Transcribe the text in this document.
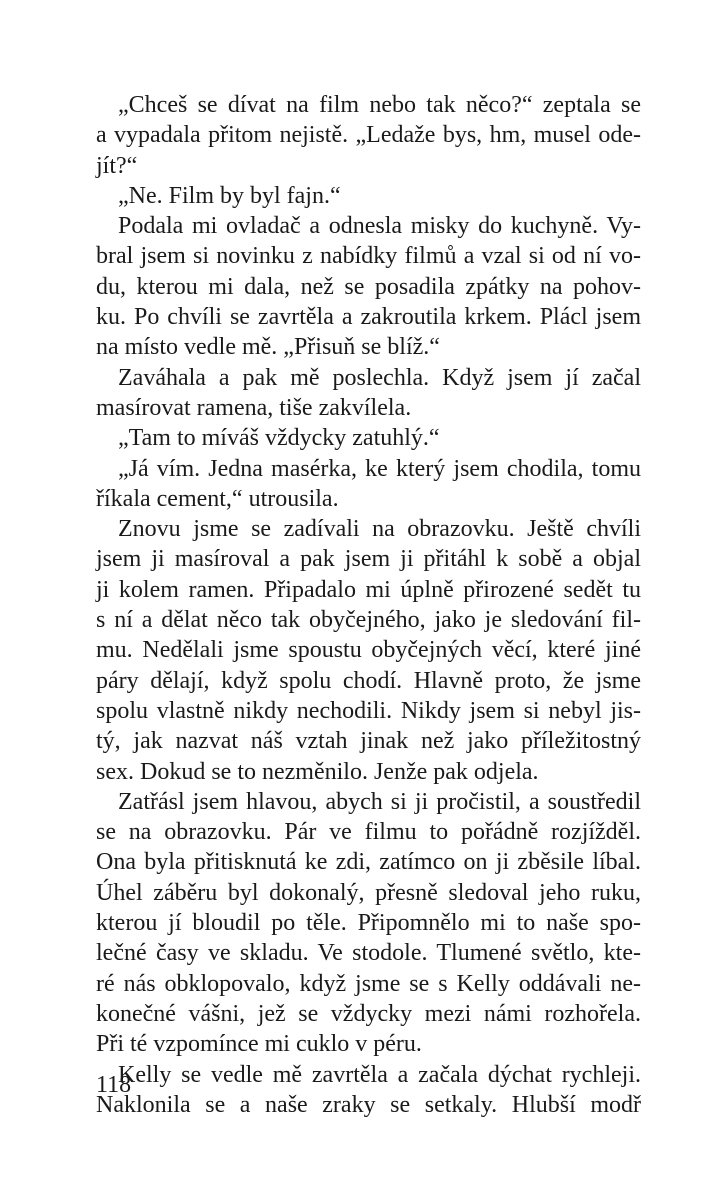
„Chceš se dívat na film nebo tak něco?“ zeptala se
a vypadala přitom nejistě. „Ledaže bys, hm, musel ode-
jít?“
„Ne. Film by byl fajn.“
Podala mi ovladač a odnesla misky do kuchyně. Vy-
bral jsem si novinku z nabídky filmů a vzal si od ní vo-
du, kterou mi dala, než se posadila zpátky na pohov-
ku. Po chvíli se zavrtěla a zakroutila krkem. Plácl jsem
na místo vedle mě. „Přisuň se blíž.“
Zaváhala a pak mě poslechla. Když jsem jí začal
masírovat ramena, tiše zakvílela.
„Tam to míváš vždycky zatuhlý.“
„Já vím. Jedna masérka, ke který jsem chodila, tomu
říkala cement,“ utrousila.
Znovu jsme se zadívali na obrazovku. Ještě chvíli
jsem ji masíroval a pak jsem ji přitáhl k sobě a objal
ji kolem ramen. Připadalo mi úplně přirozené sedět tu
s ní a dělat něco tak obyčejného, jako je sledování fil-
mu. Nedělali jsme spoustu obyčejných věcí, které jiné
páry dělají, když spolu chodí. Hlavně proto, že jsme
spolu vlastně nikdy nechodili. Nikdy jsem si nebyl jis-
tý, jak nazvat náš vztah jinak než jako příležitostný
sex. Dokud se to nezměnilo. Jenže pak odjela.
Zatřásl jsem hlavou, abych si ji pročistil, a soustředil
se na obrazovku. Pár ve filmu to pořádně rozjížděl.
Ona byla přitisknutá ke zdi, zatímco on ji zběsile líbal.
Úhel záběru byl dokonalý, přesně sledoval jeho ruku,
kterou jí bloudil po těle. Připomnělo mi to naše spo-
lečné časy ve skladu. Ve stodole. Tlumené světlo, kte-
ré nás obklopovalo, když jsme se s Kelly oddávali ne-
konečné vášni, jež se vždycky mezi námi rozhořela.
Při té vzpomínce mi cuklo v péru.
Kelly se vedle mě zavrtěla a začala dýchat rychleji.
Naklonila se a naše zraky se setkaly. Hlubší modř
118
